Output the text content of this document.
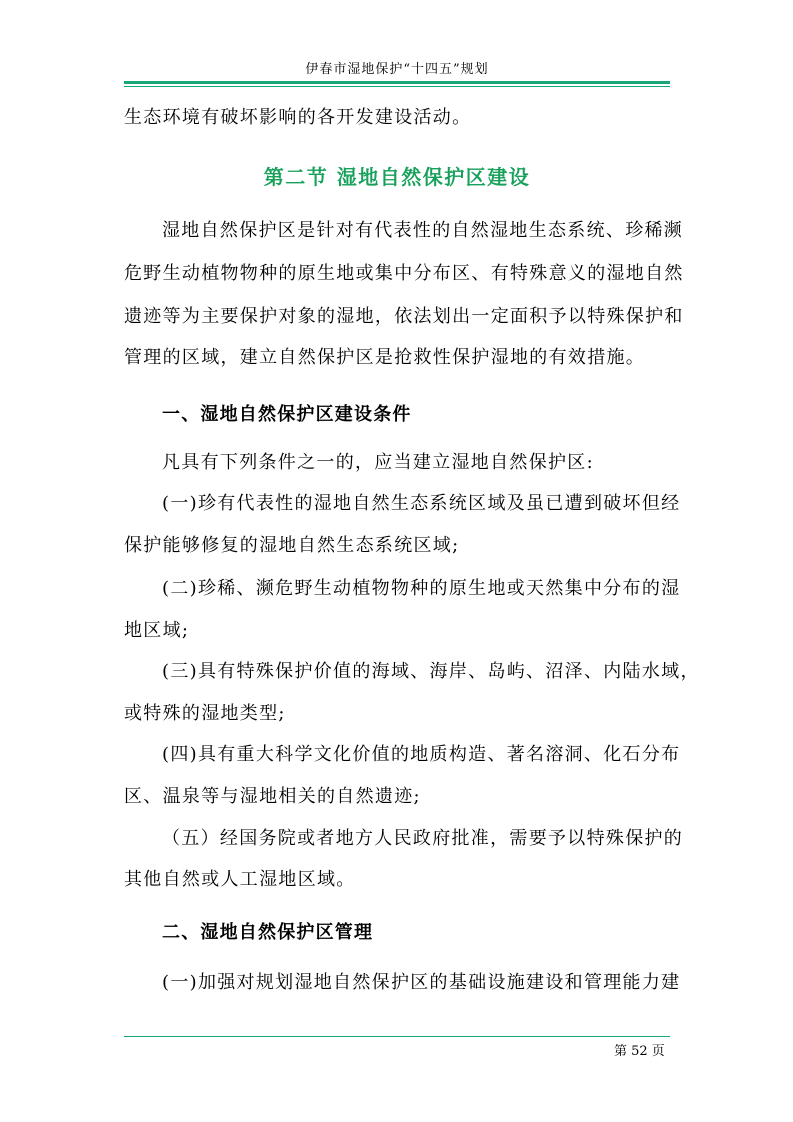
伊春市湿地保护“十四五”规划
生态环境有破坏影响的各开发建设活动。
第二节 湿地自然保护区建设
湿地自然保护区是针对有代表性的自然湿地生态系统、珍稀濒
危野生动植物物种的原生地或集中分布区、有特殊意义的湿地自然
遗迹等为主要保护对象的湿地，依法划出一定面积予以特殊保护和
管理的区域，建立自然保护区是抢救性保护湿地的有效措施。
一、湿地自然保护区建设条件
凡具有下列条件之一的，应当建立湿地自然保护区:
(一)珍有代表性的湿地自然生态系统区域及虽已遭到破坏但经
保护能够修复的湿地自然生态系统区域;
(二)珍稀、濒危野生动植物物种的原生地或天然集中分布的湿
地区域;
(三)具有特殊保护价值的海域、海岸、岛屿、沼泽、内陆水域，
或特殊的湿地类型;
(四)具有重大科学文化价值的地质构造、著名溶洞、化石分布
区、温泉等与湿地相关的自然遗迹;
（五）经国务院或者地方人民政府批准，需要予以特殊保护的
其他自然或人工湿地区域。
二、湿地自然保护区管理
(一)加强对规划湿地自然保护区的基础设施建设和管理能力建
第 52 页
